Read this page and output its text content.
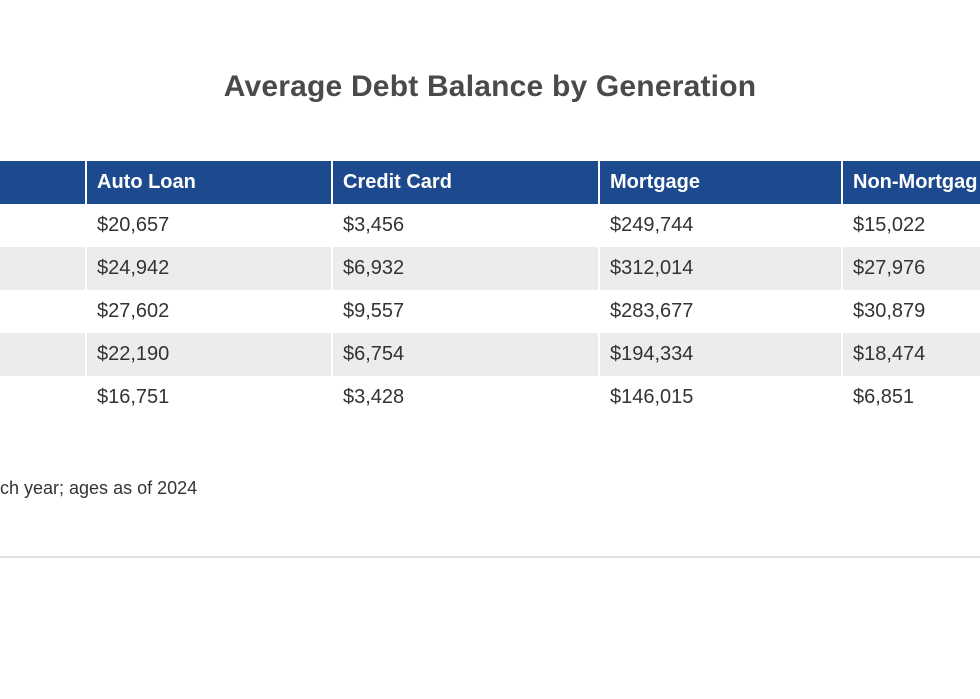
Average Debt Balance by Generation
	Auto Loan	Credit Card	Mortgage	Non-Mortgag
	$20,657	$3,456	$249,744	$15,022
	$24,942	$6,932	$312,014	$27,976
	$27,602	$9,557	$283,677	$30,879
	$22,190	$6,754	$194,334	$18,474
	$16,751	$3,428	$146,015	$6,851
ch year; ages as of 2024
